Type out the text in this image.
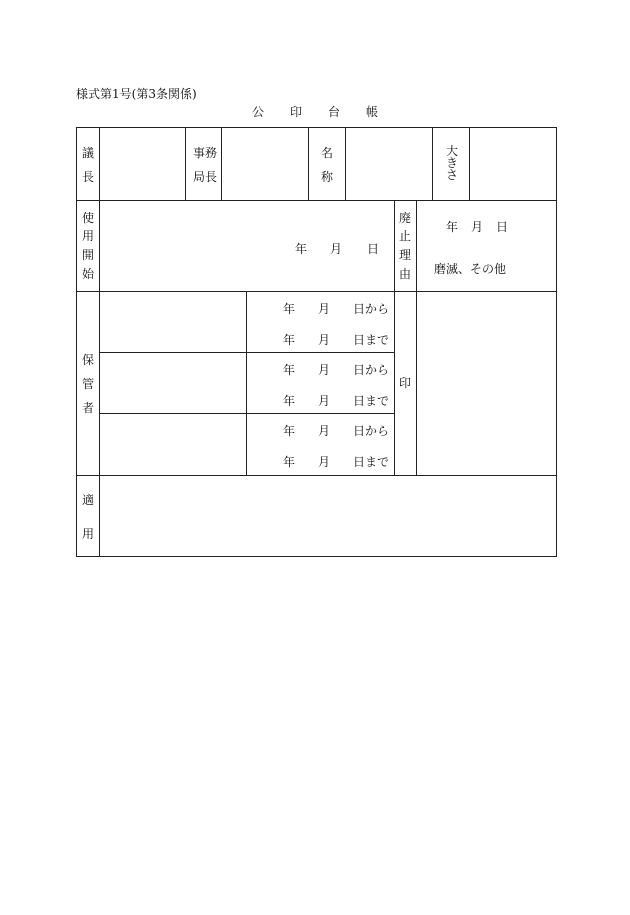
様式第1号(第3条関係)
公印台帳
議
長
事務
局長
名
称
大
き
さ
使
用
開
始
年 月 日
廃
止
理
由
年 月 日
磨滅、その他
保
管
者
印
年 月 日から
年 月 日まで
年 月 日から
年 月 日まで
年 月 日から
年 月 日まで
適
用
